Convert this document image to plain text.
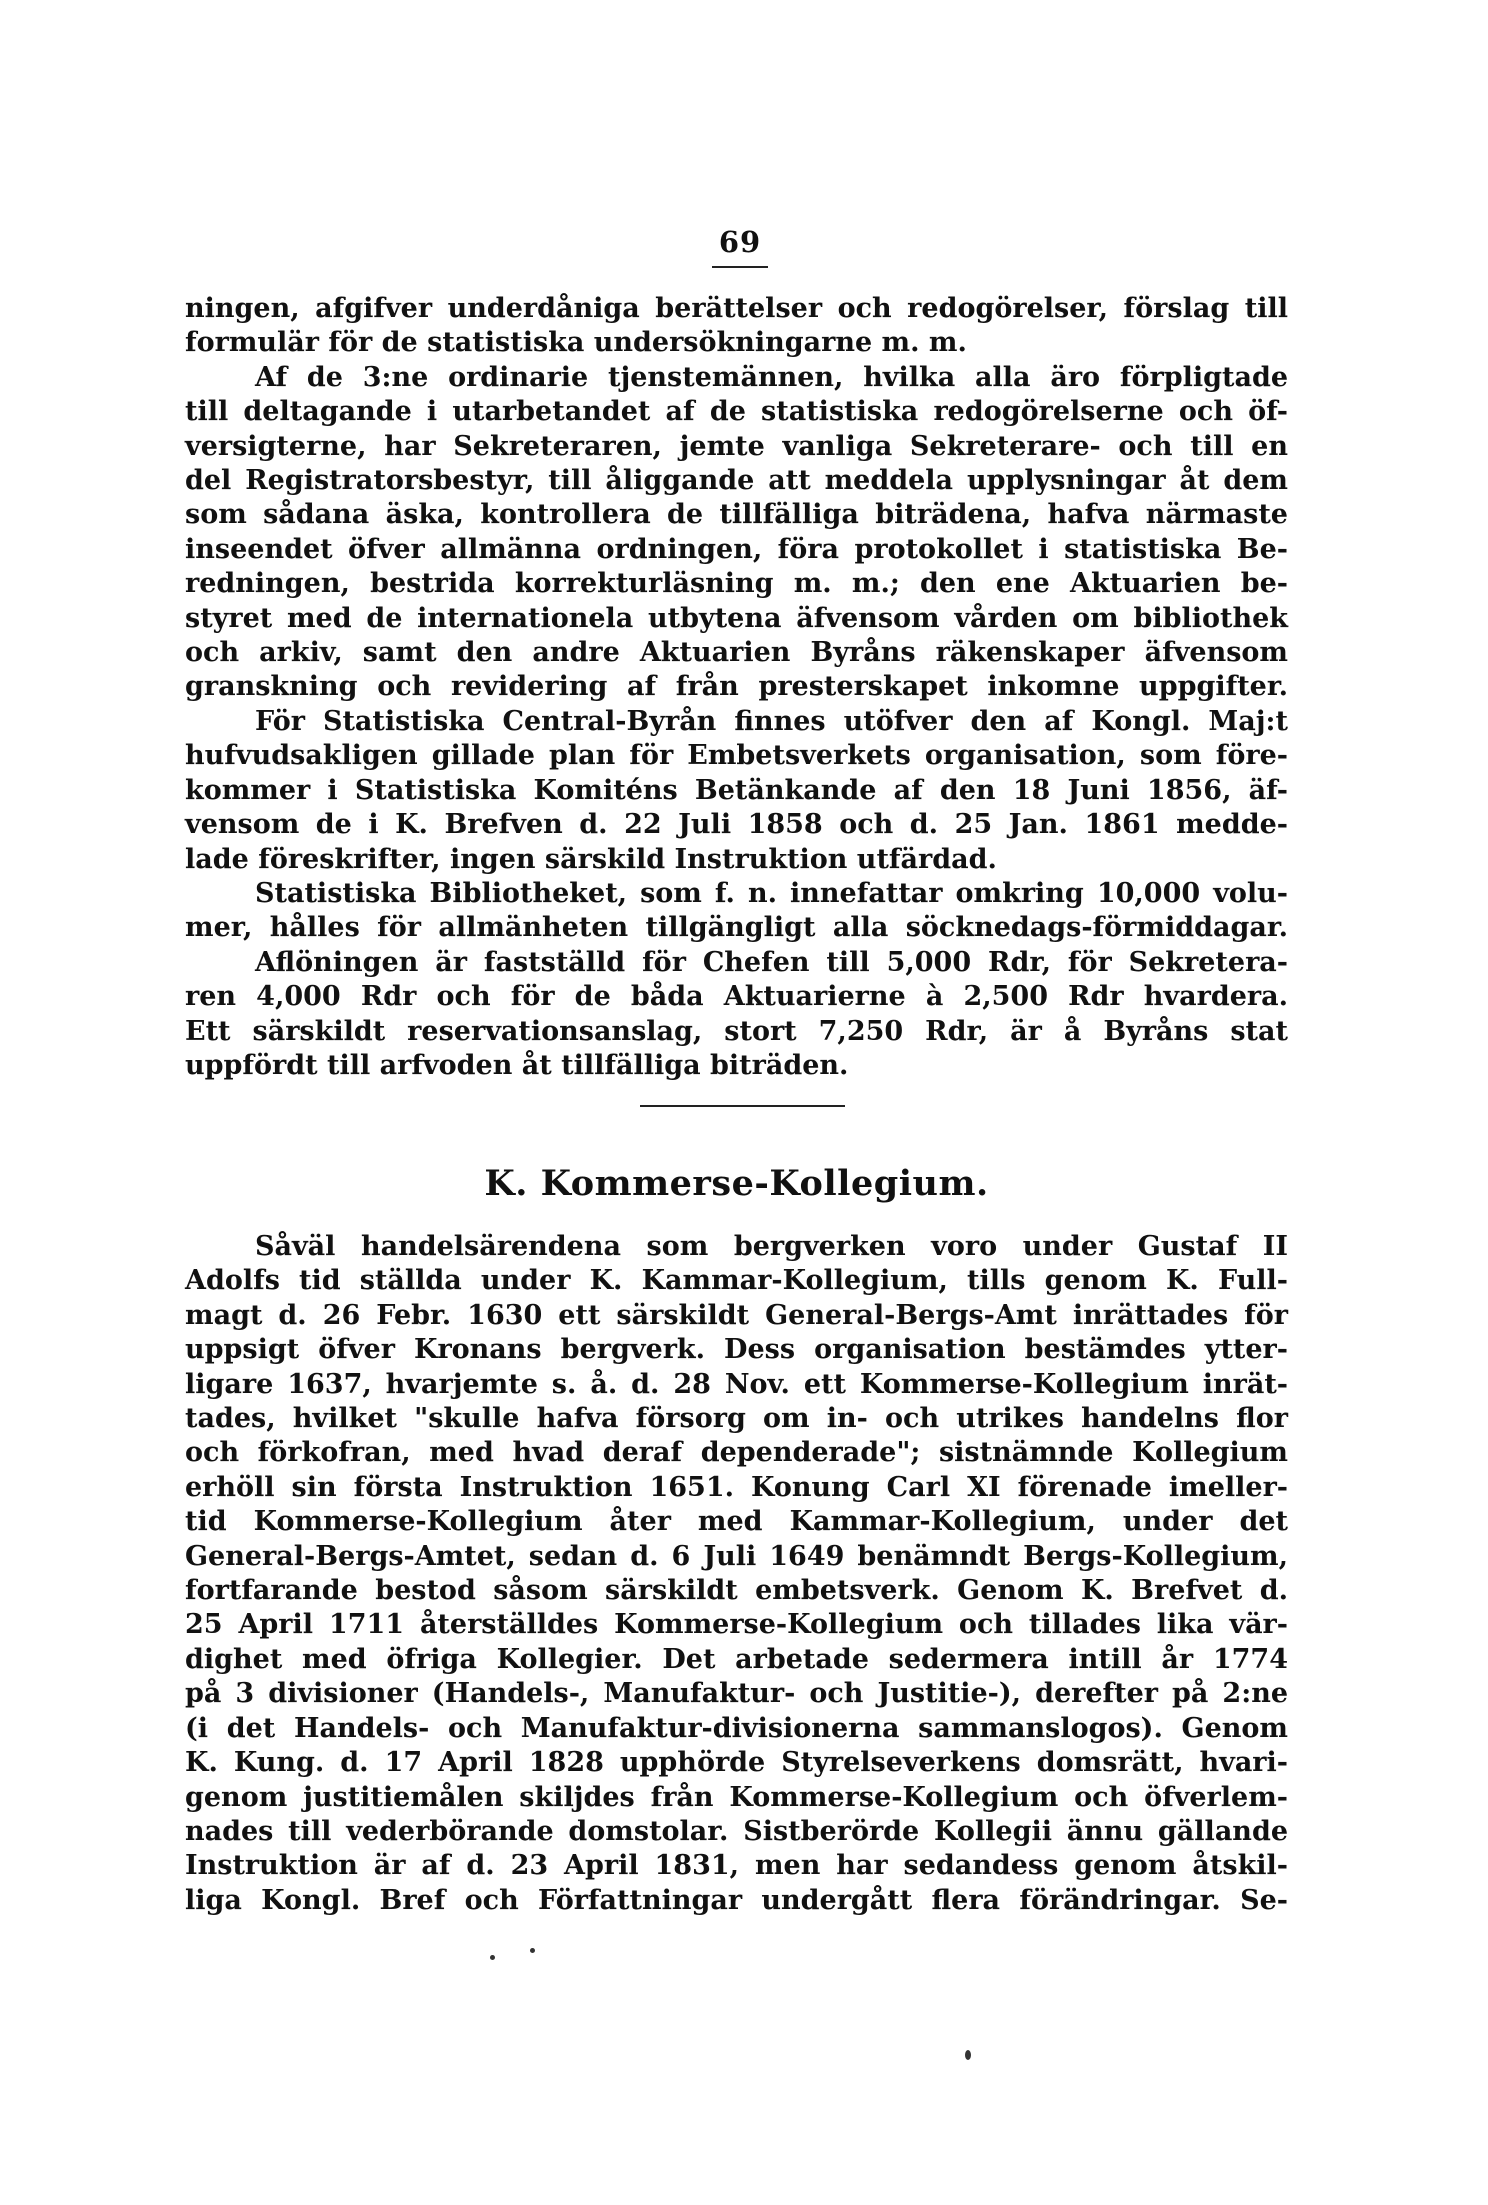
69
ningen, afgifver underdåniga berättelser och redogörelser, förslag till
formulär för de statistiska undersökningarne m. m.
Af de 3:ne ordinarie tjenstemännen, hvilka alla äro förpligtade
till deltagande i utarbetandet af de statistiska redogörelserne och öf-
versigterne, har Sekreteraren, jemte vanliga Sekreterare- och till en
del Registratorsbestyr, till åliggande att meddela upplysningar åt dem
som sådana äska, kontrollera de tillfälliga biträdena, hafva närmaste
inseendet öfver allmänna ordningen, föra protokollet i statistiska Be-
redningen, bestrida korrekturläsning m. m.; den ene Aktuarien be-
styret med de internationela utbytena äfvensom vården om bibliothek
och arkiv, samt den andre Aktuarien Byråns räkenskaper äfvensom
granskning och revidering af från presterskapet inkomne uppgifter.
För Statistiska Central-Byrån finnes utöfver den af Kongl. Maj:t
hufvudsakligen gillade plan för Embetsverkets organisation, som före-
kommer i Statistiska Komiténs Betänkande af den 18 Juni 1856, äf-
vensom de i K. Brefven d. 22 Juli 1858 och d. 25 Jan. 1861 medde-
lade föreskrifter, ingen särskild Instruktion utfärdad.
Statistiska Bibliotheket, som f. n. innefattar omkring 10,000 volu-
mer, hålles för allmänheten tillgängligt alla söcknedags-förmiddagar.
Aflöningen är fastställd för Chefen till 5,000 Rdr, för Sekretera-
ren 4,000 Rdr och för de båda Aktuarierne à 2,500 Rdr hvardera.
Ett särskildt reservationsanslag, stort 7,250 Rdr, är å Byråns stat
uppfördt till arfvoden åt tillfälliga biträden.
K. Kommerse-Kollegium.
Såväl handelsärendena som bergverken voro under Gustaf II
Adolfs tid ställda under K. Kammar-Kollegium, tills genom K. Full-
magt d. 26 Febr. 1630 ett särskildt General-Bergs-Amt inrättades för
uppsigt öfver Kronans bergverk. Dess organisation bestämdes ytter-
ligare 1637, hvarjemte s. å. d. 28 Nov. ett Kommerse-Kollegium inrät-
tades, hvilket "skulle hafva försorg om in- och utrikes handelns flor
och förkofran, med hvad deraf dependerade"; sistnämnde Kollegium
erhöll sin första Instruktion 1651. Konung Carl XI förenade imeller-
tid Kommerse-Kollegium åter med Kammar-Kollegium, under det
General-Bergs-Amtet, sedan d. 6 Juli 1649 benämndt Bergs-Kollegium,
fortfarande bestod såsom särskildt embetsverk. Genom K. Brefvet d.
25 April 1711 återställdes Kommerse-Kollegium och tillades lika vär-
dighet med öfriga Kollegier. Det arbetade sedermera intill år 1774
på 3 divisioner (Handels-, Manufaktur- och Justitie-), derefter på 2:ne
(i det Handels- och Manufaktur-divisionerna sammanslogos). Genom
K. Kung. d. 17 April 1828 upphörde Styrelseverkens domsrätt, hvari-
genom justitiemålen skiljdes från Kommerse-Kollegium och öfverlem-
nades till vederbörande domstolar. Sistberörde Kollegii ännu gällande
Instruktion är af d. 23 April 1831, men har sedandess genom åtskil-
liga Kongl. Bref och Författningar undergått flera förändringar. Se-
